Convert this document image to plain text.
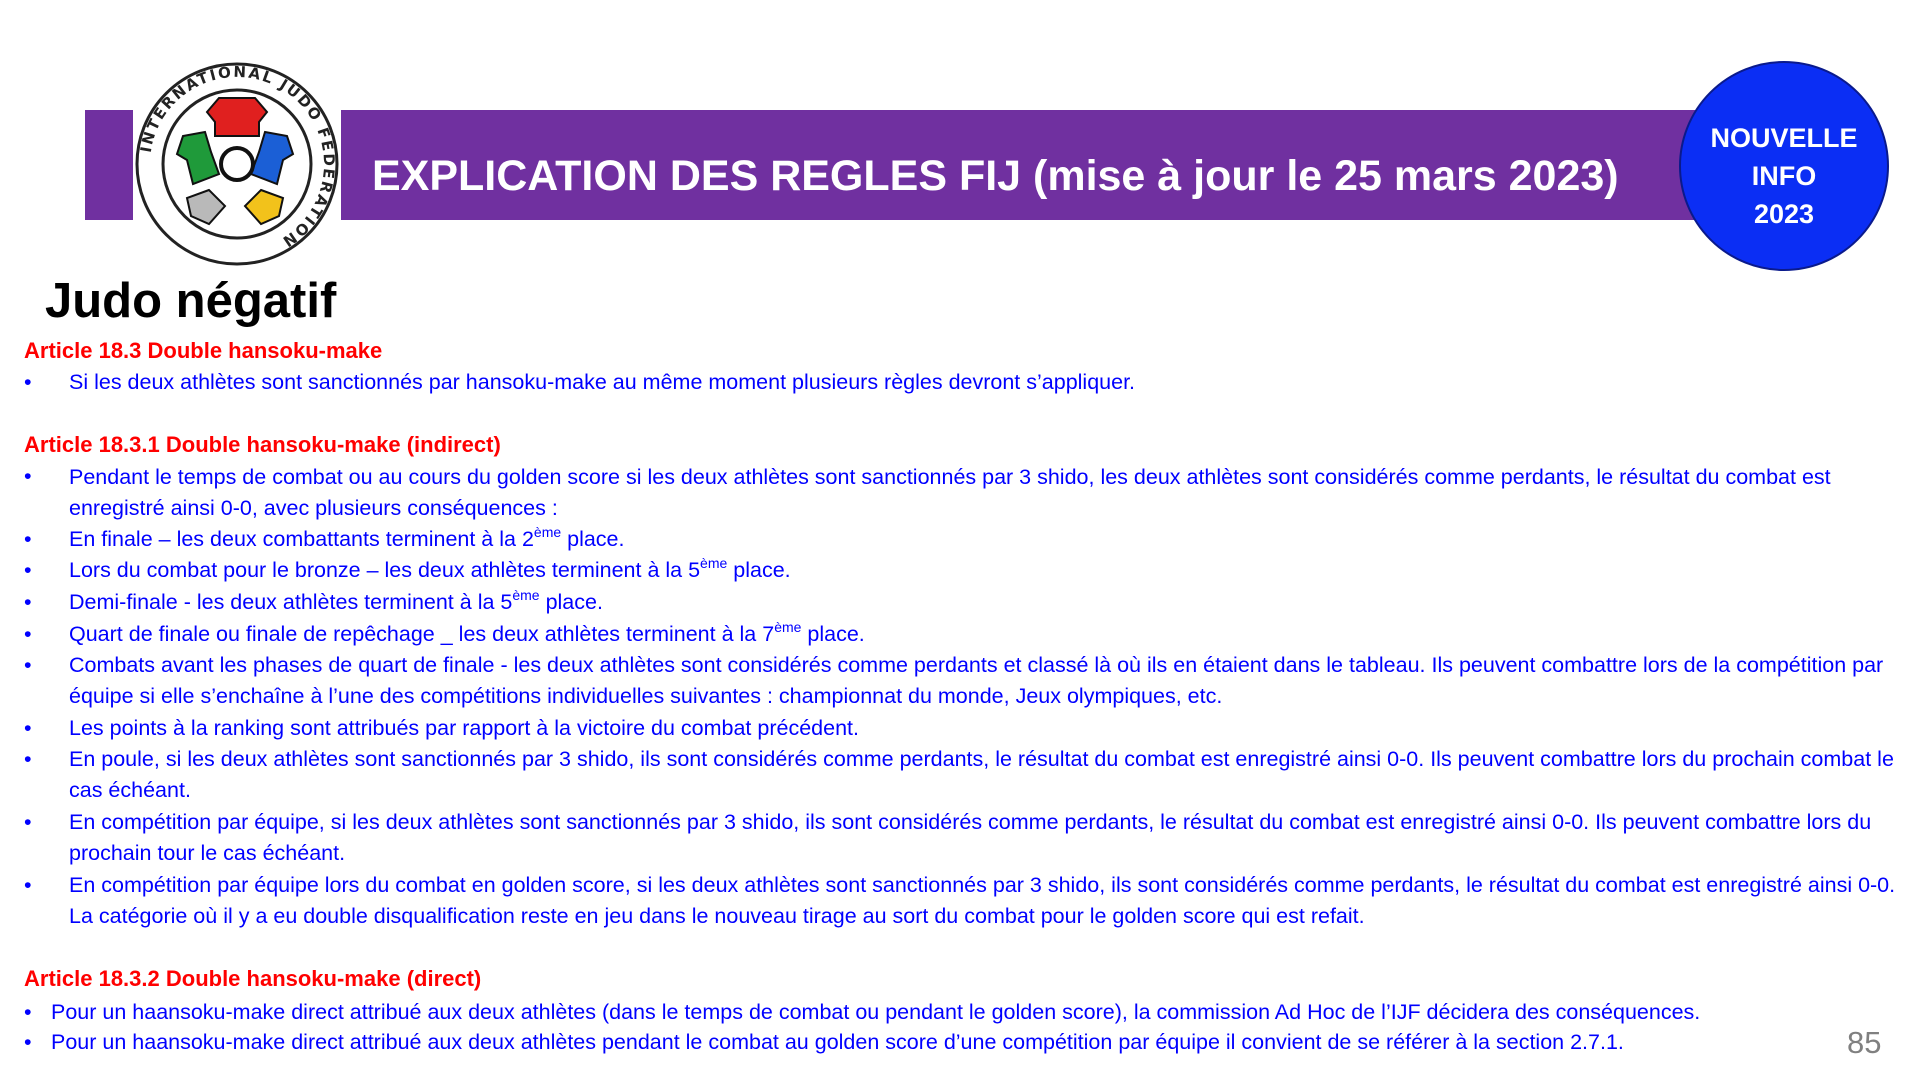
EXPLICATION DES REGLES FIJ (mise à jour le 25 mars 2023)
INTERNATIONAL JUDO FEDERATION
NOUVELLE
INFO
2023
Judo négatif
Article 18.3 Double hansoku-make
• Si les deux athlètes sont sanctionnés par hansoku-make au même moment plusieurs règles devront s’appliquer.
Article 18.3.1 Double hansoku-make (indirect)
• Pendant le temps de combat ou au cours du golden score si les deux athlètes sont sanctionnés par 3 shido, les deux athlètes sont considérés comme perdants, le résultat du combat est enregistré ainsi 0-0, avec plusieurs conséquences :
• En finale – les deux combattants terminent à la 2ème place.
• Lors du combat pour le bronze – les deux athlètes terminent à la 5ème place.
• Demi-finale - les deux athlètes terminent à la 5ème place.
• Quart de finale ou finale de repêchage _ les deux athlètes terminent à la 7ème place.
• Combats avant les phases de quart de finale - les deux athlètes sont considérés comme perdants et classé là où ils en étaient dans le tableau. Ils peuvent combattre lors de la compétition par équipe si elle s’enchaîne à l’une des compétitions individuelles suivantes : championnat du monde, Jeux olympiques, etc.
• Les points à la ranking sont attribués par rapport à la victoire du combat précédent.
• En poule, si les deux athlètes sont sanctionnés par 3 shido, ils sont considérés comme perdants, le résultat du combat est enregistré ainsi 0-0. Ils peuvent combattre lors du prochain combat le cas échéant.
• En compétition par équipe, si les deux athlètes sont sanctionnés par 3 shido, ils sont considérés comme perdants, le résultat du combat est enregistré ainsi 0-0. Ils peuvent combattre lors du prochain tour le cas échéant.
• En compétition par équipe lors du combat en golden score, si les deux athlètes sont sanctionnés par 3 shido, ils sont considérés comme perdants, le résultat du combat est enregistré ainsi 0-0. La catégorie où il y a eu double disqualification reste en jeu dans le nouveau tirage au sort du combat pour le golden score qui est refait.
Article 18.3.2 Double hansoku-make (direct)
• Pour un haansoku-make direct attribué aux deux athlètes (dans le temps de combat ou pendant le golden score), la commission Ad Hoc de l’IJF décidera des conséquences.
• Pour un haansoku-make direct attribué aux deux athlètes pendant le combat au golden score d’une compétition par équipe il convient de se référer à la section 2.7.1.	85
